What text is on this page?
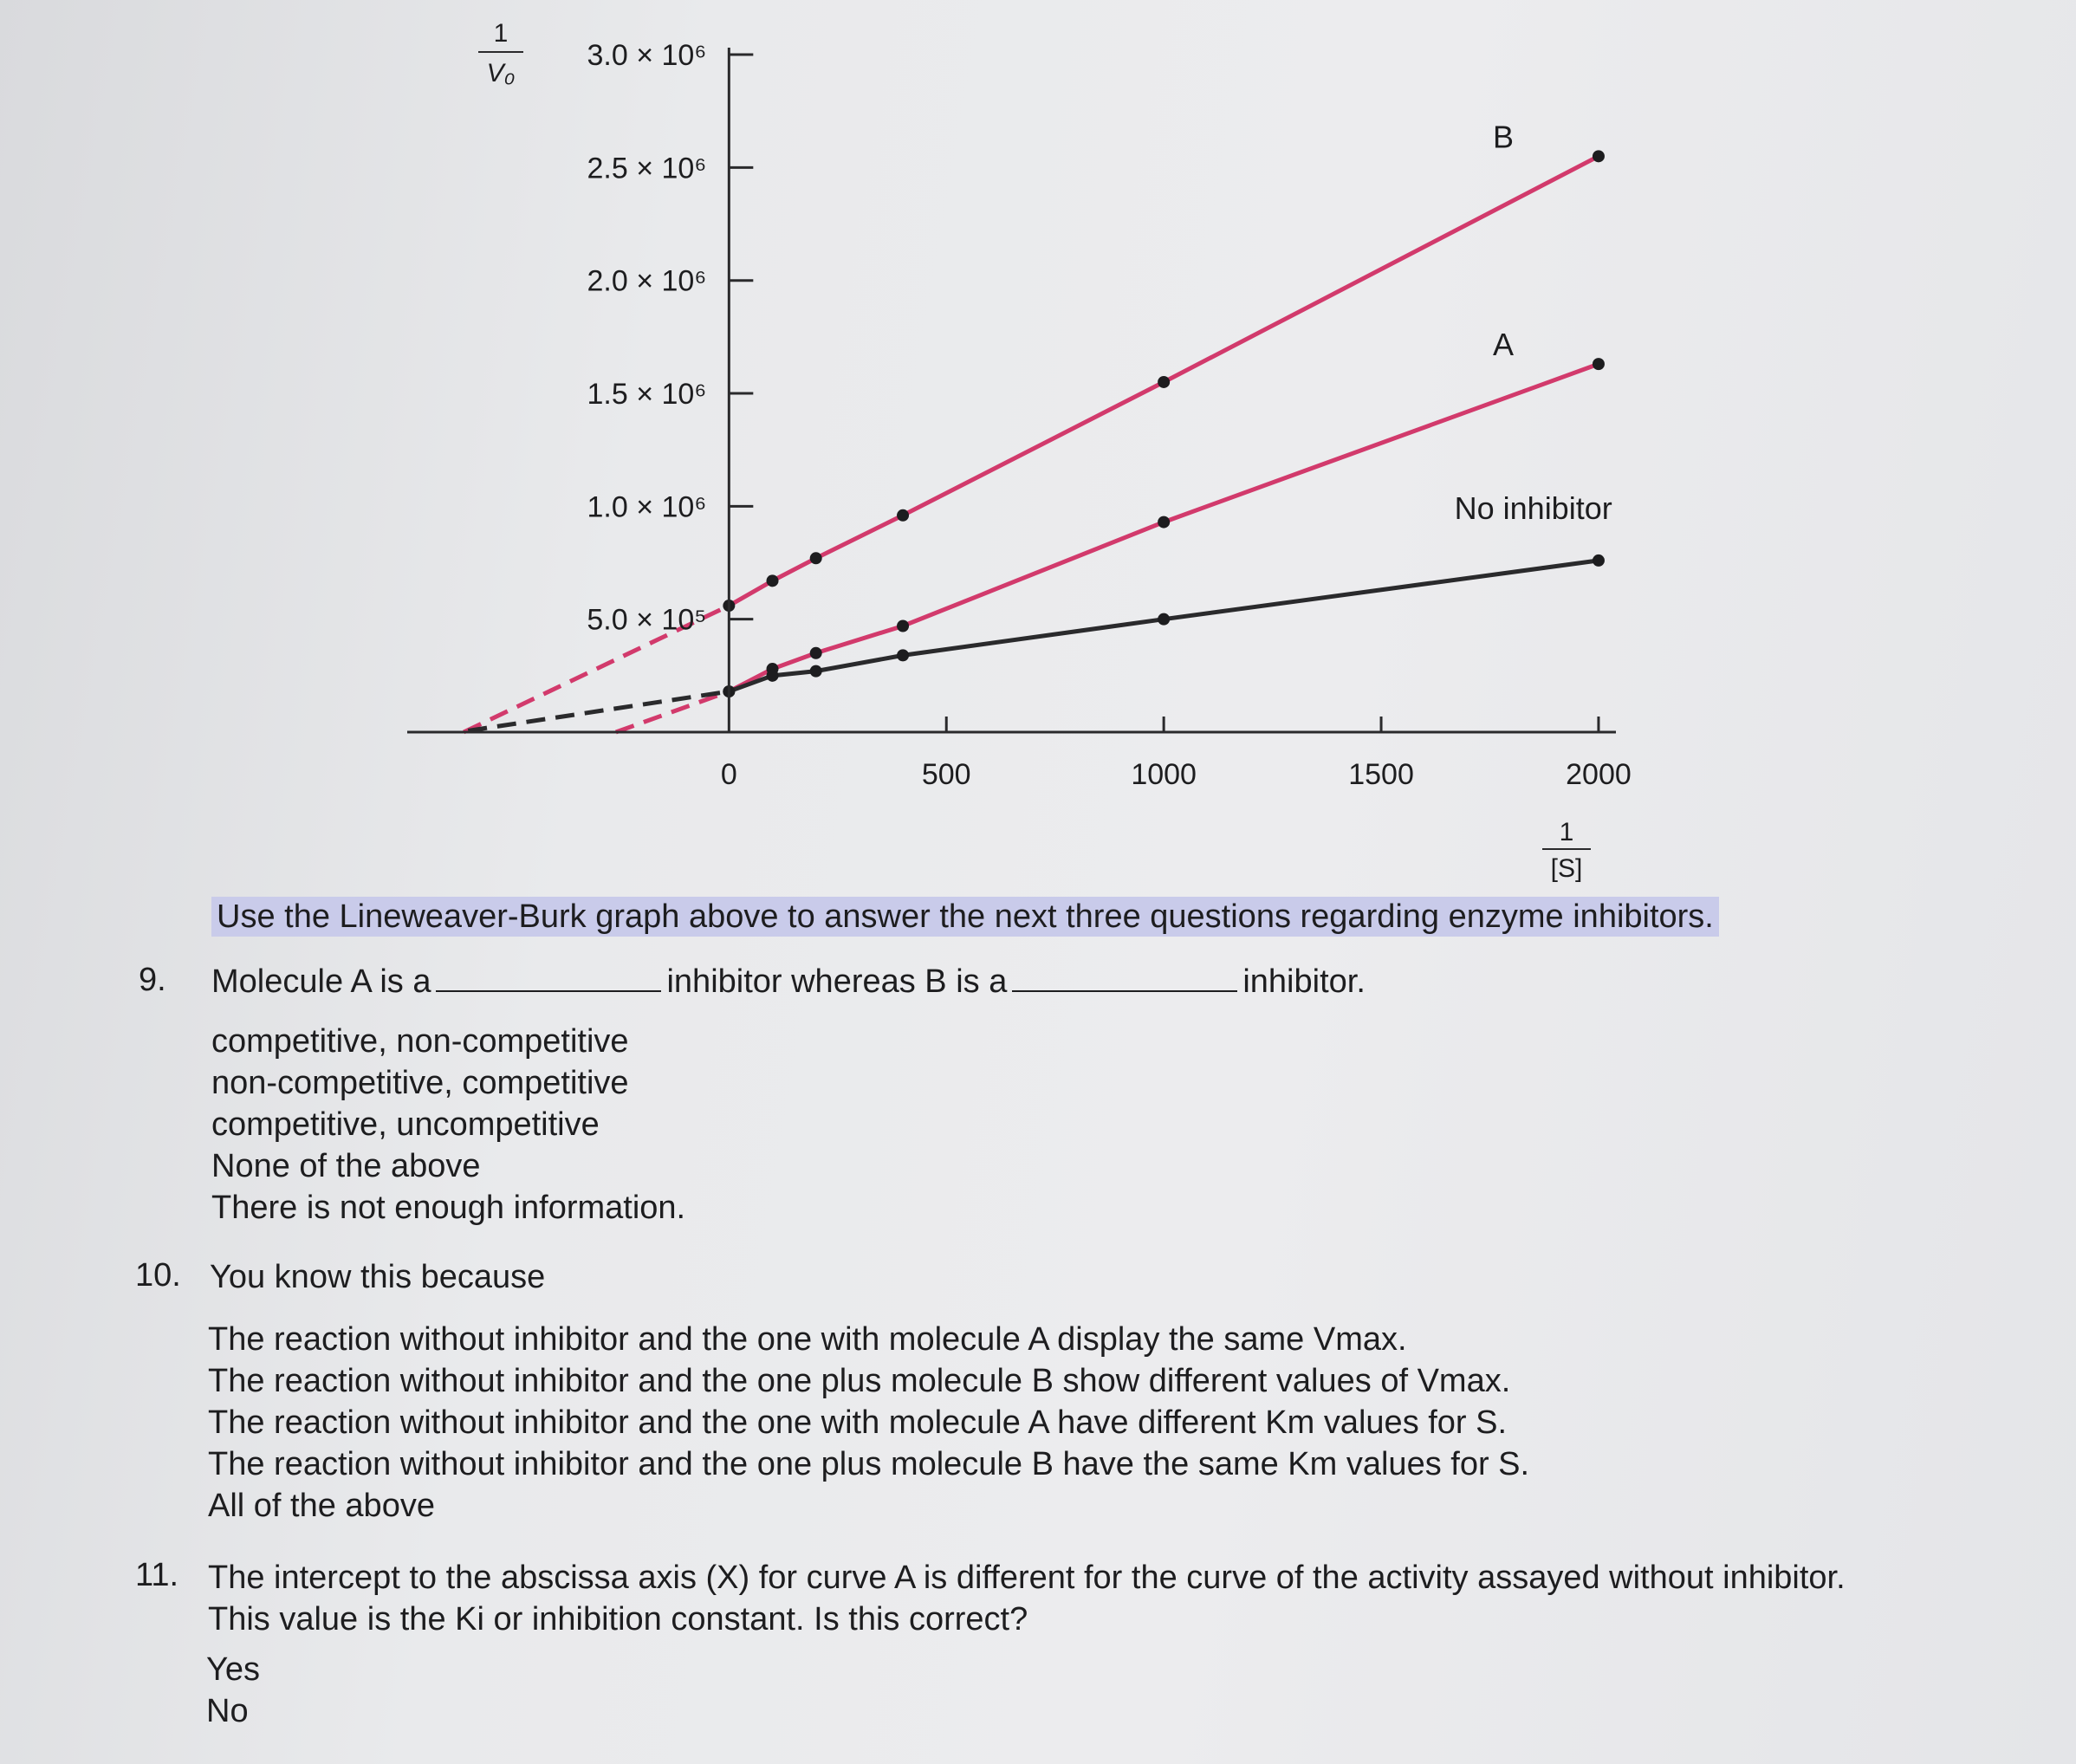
5.0 × 10⁵
1.0 × 10⁶
1.5 × 10⁶
2.0 × 10⁶
2.5 × 10⁶
3.0 × 10⁶
0	500	1000	1500	2000
1
V₀
1
[S]
B
A
No inhibitor
Use the Lineweaver-Burk graph above to answer the next three questions regarding enzyme inhibitors.
9. Molecule A is a	inhibitor whereas B is a	inhibitor.
competitive, non-competitive
non-competitive, competitive
competitive, uncompetitive
None of the above
There is not enough information.
10. You know this because
The reaction without inhibitor and the one with molecule A display the same Vmax.
The reaction without inhibitor and the one plus molecule B show different values of Vmax.
The reaction without inhibitor and the one with molecule A have different Km values for S.
The reaction without inhibitor and the one plus molecule B have the same Km values for S.
All of the above
11. The intercept to the abscissa axis (X) for curve A is different for the curve of the activity assayed without inhibitor.
This value is the Ki or inhibition constant. Is this correct?
Yes
No
